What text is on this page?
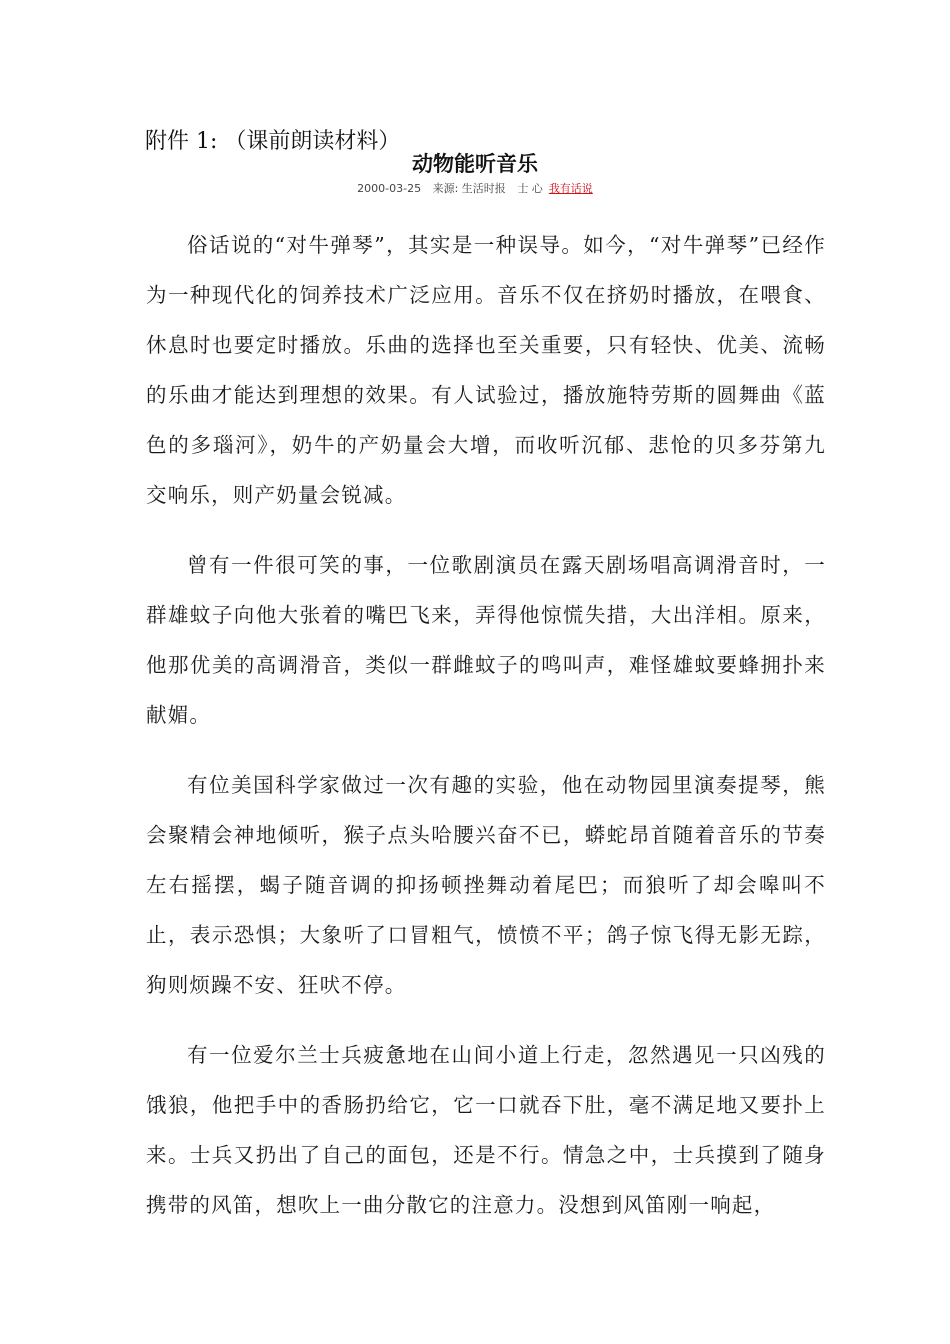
附件 1: （课前朗读材料）
动物能听音乐
2000-03-25 来源: 生活时报 士 心 我有话说

俗话说的“对牛弹琴”，其实是一种误导。如今，“对牛弹琴”已经作为一种现代化的饲养技术广泛应用。音乐不仅在挤奶时播放，在喂食、休息时也要定时播放。乐曲的选择也至关重要，只有轻快、优美、流畅的乐曲才能达到理想的效果。有人试验过，播放施特劳斯的圆舞曲《蓝色的多瑙河》，奶牛的产奶量会大增，而收听沉郁、悲怆的贝多芬第九交响乐，则产奶量会锐减。

曾有一件很可笑的事，一位歌剧演员在露天剧场唱高调滑音时，一群雄蚊子向他大张着的嘴巴飞来，弄得他惊慌失措，大出洋相。原来，他那优美的高调滑音，类似一群雌蚊子的鸣叫声，难怪雄蚊要蜂拥扑来献媚。

有位美国科学家做过一次有趣的实验，他在动物园里演奏提琴，熊会聚精会神地倾听，猴子点头哈腰兴奋不已，蟒蛇昂首随着音乐的节奏左右摇摆，蝎子随音调的抑扬顿挫舞动着尾巴；而狼听了却会嗥叫不止，表示恐惧；大象听了口冒粗气，愤愤不平；鸽子惊飞得无影无踪，狗则烦躁不安、狂吠不停。

有一位爱尔兰士兵疲惫地在山间小道上行走，忽然遇见一只凶残的饿狼，他把手中的香肠扔给它，它一口就吞下肚，毫不满足地又要扑上来。士兵又扔出了自己的面包，还是不行。情急之中，士兵摸到了随身携带的风笛，想吹上一曲分散它的注意力。没想到风笛刚一响起，
